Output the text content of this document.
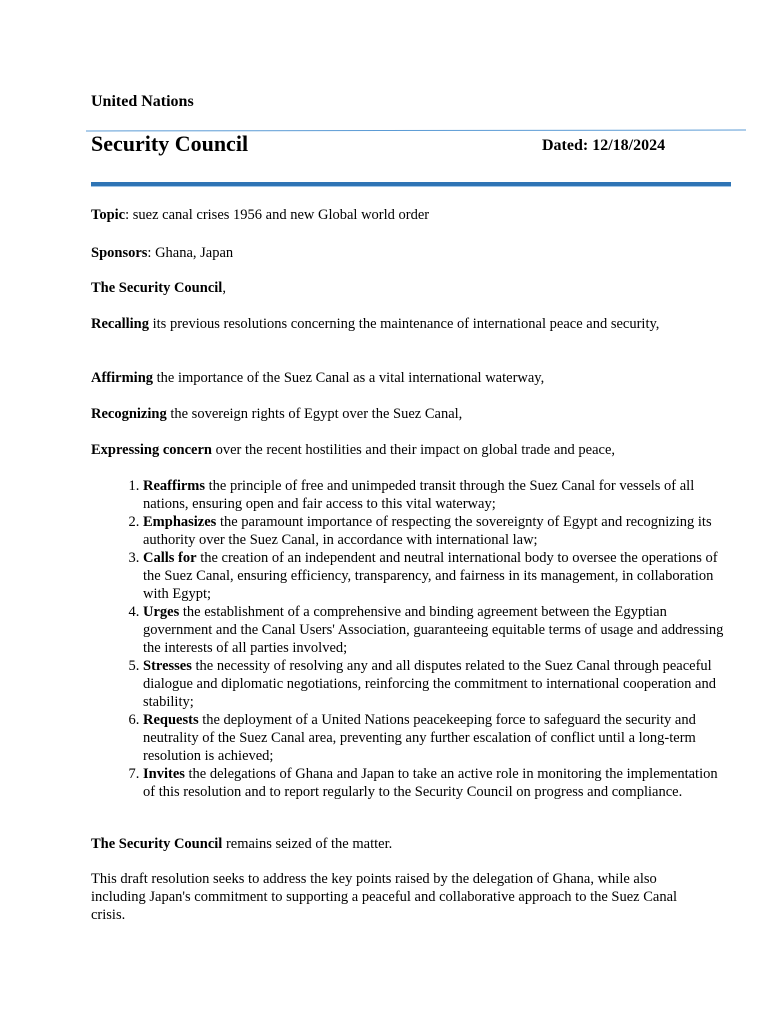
United Nations
Security Council	Dated: 12/18/2024
Topic: suez canal crises 1956 and new Global world order
Sponsors: Ghana, Japan
The Security Council,
Recalling its previous resolutions concerning the maintenance of international peace and security,
Affirming the importance of the Suez Canal as a vital international waterway,
Recognizing the sovereign rights of Egypt over the Suez Canal,
Expressing concern over the recent hostilities and their impact on global trade and peace,
1. Reaffirms the principle of free and unimpeded transit through the Suez Canal for vessels of all nations, ensuring open and fair access to this vital waterway;
2. Emphasizes the paramount importance of respecting the sovereignty of Egypt and recognizing its authority over the Suez Canal, in accordance with international law;
3. Calls for the creation of an independent and neutral international body to oversee the operations of the Suez Canal, ensuring efficiency, transparency, and fairness in its management, in collaboration with Egypt;
4. Urges the establishment of a comprehensive and binding agreement between the Egyptian government and the Canal Users' Association, guaranteeing equitable terms of usage and addressing the interests of all parties involved;
5. Stresses the necessity of resolving any and all disputes related to the Suez Canal through peaceful dialogue and diplomatic negotiations, reinforcing the commitment to international cooperation and stability;
6. Requests the deployment of a United Nations peacekeeping force to safeguard the security and neutrality of the Suez Canal area, preventing any further escalation of conflict until a long-term resolution is achieved;
7. Invites the delegations of Ghana and Japan to take an active role in monitoring the implementation of this resolution and to report regularly to the Security Council on progress and compliance.
The Security Council remains seized of the matter.
This draft resolution seeks to address the key points raised by the delegation of Ghana, while also including Japan's commitment to supporting a peaceful and collaborative approach to the Suez Canal crisis.
